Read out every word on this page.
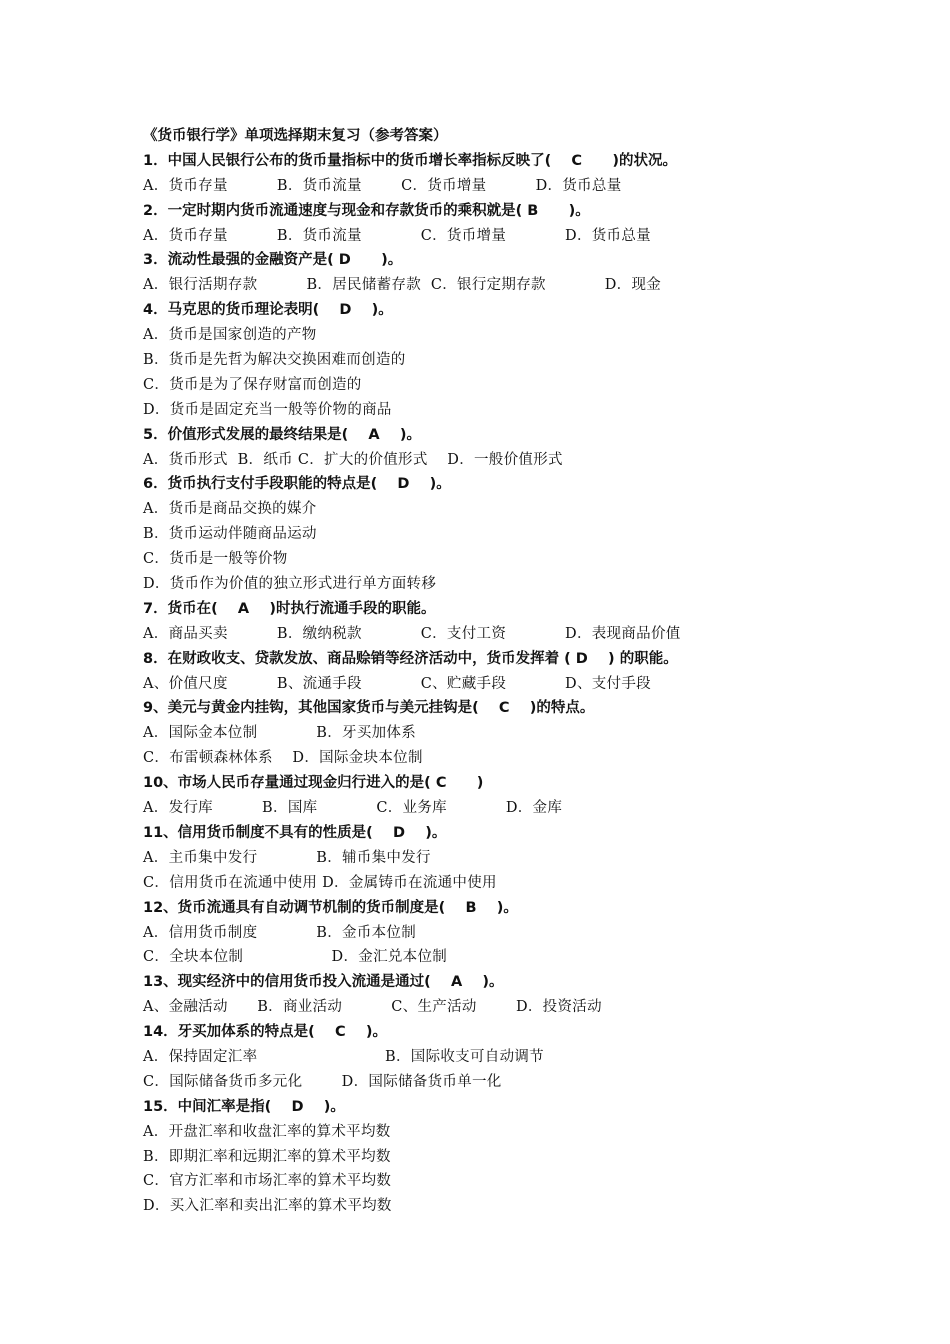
《货币银行学》单项选择期末复习（参考答案）
1．中国人民银行公布的货币量指标中的货币增长率指标反映了(    C      )的状况。
A．货币存量          B．货币流量        C．货币增量          D．货币总量
2．一定时期内货币流通速度与现金和存款货币的乘积就是( B      )。
A．货币存量          B．货币流量            C．货币增量            D．货币总量
3．流动性最强的金融资产是( D      )。
A．银行活期存款          B．居民储蓄存款  C．银行定期存款            D．现金
4．马克思的货币理论表明(    D    )。
A．货币是国家创造的产物
B．货币是先哲为解决交换困难而创造的
C．货币是为了保存财富而创造的
D．货币是固定充当一般等价物的商品
5．价值形式发展的最终结果是(    A    )。
A．货币形式  B．纸币 C．扩大的价值形式    D．一般价值形式
6．货币执行支付手段职能的特点是(    D    )。
A．货币是商品交换的媒介
B．货币运动伴随商品运动
C．货币是一般等价物
D．货币作为价值的独立形式进行单方面转移
7．货币在(    A    )时执行流通手段的职能。
A．商品买卖          B．缴纳税款            C．支付工资            D．表现商品价值
8．在财政收支、贷款发放、商品赊销等经济活动中，货币发挥着 ( D    ) 的职能。
A、价值尺度          B、流通手段            C、贮藏手段            D、支付手段
9、美元与黄金内挂钩，其他国家货币与美元挂钩是(    C    )的特点。
A．国际金本位制            B．牙买加体系
C．布雷顿森林体系    D．国际金块本位制
10、市场人民币存量通过现金归行进入的是( C      )
A．发行库          B．国库            C．业务库            D．金库
11、信用货币制度不具有的性质是(    D    )。
A．主币集中发行            B．辅币集中发行
C．信用货币在流通中使用 D．金属铸币在流通中使用
12、货币流通具有自动调节机制的货币制度是(    B    )。
A．信用货币制度            B．金币本位制
C．全块本位制                  D．金汇兑本位制
13、现实经济中的信用货币投入流通是通过(    A    )。
A、金融活动      B．商业活动          C、生产活动        D．投资活动
14．牙买加体系的特点是(    C    )。
A．保持固定汇率                          B．国际收支可自动调节
C．国际储备货币多元化        D．国际储备货币单一化
15．中间汇率是指(    D    )。
A．开盘汇率和收盘汇率的算术平均数
B．即期汇率和远期汇率的算术平均数
C．官方汇率和市场汇率的算术平均数
D．买入汇率和卖出汇率的算术平均数
